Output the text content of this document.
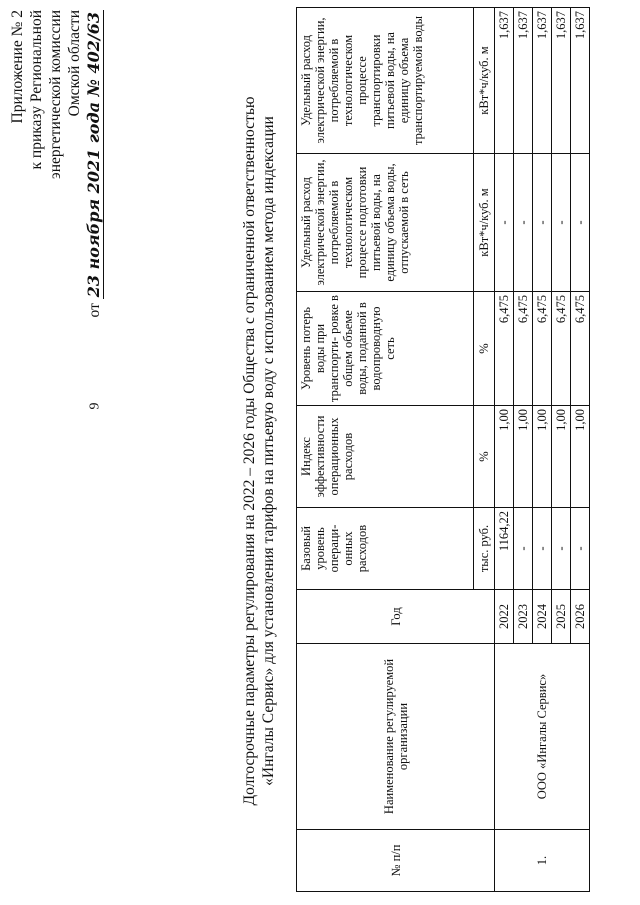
9
Приложение № 2 к приказу Региональной энергетической комиссии Омской области
от 23 ноября 2021 года № 402/63	Долгосрочные параметры регулирования на 2022 – 2026 годы Общества с ограниченной ответственностью «Ингалы Сервис» для установления тарифов на питьевую воду с использованием метода индексации
№ п/п	Наименование регулируемой организации	Год	Базовый уровень операци- онных расходов	Индекс эффективности операционных расходов	Уровень потерь воды при транспорти- ровке в общем объеме воды, поданной в водопроводную сеть	Удельный расход электрической энергии, потребляемой в технологическом процессе подготовки питьевой воды, на единицу объема воды, отпускаемой в сеть	Удельный расход электрической энергии, потребляемой в технологическом процессе транспортировки питьевой воды, на единицу объема транспортируемой воды
			тыс. руб.	%	%	кВт*ч/куб. м	кВт*ч/куб. м
1.	ООО «Ингалы Сервис»	2022	1164,22	1,00	6,475	-	1,637
		2023	-	1,00	6,475	-	1,637
		2024	-	1,00	6,475	-	1,637
		2025	-	1,00	6,475	-	1,637
		2026	-	1,00	6,475	-	1,637
